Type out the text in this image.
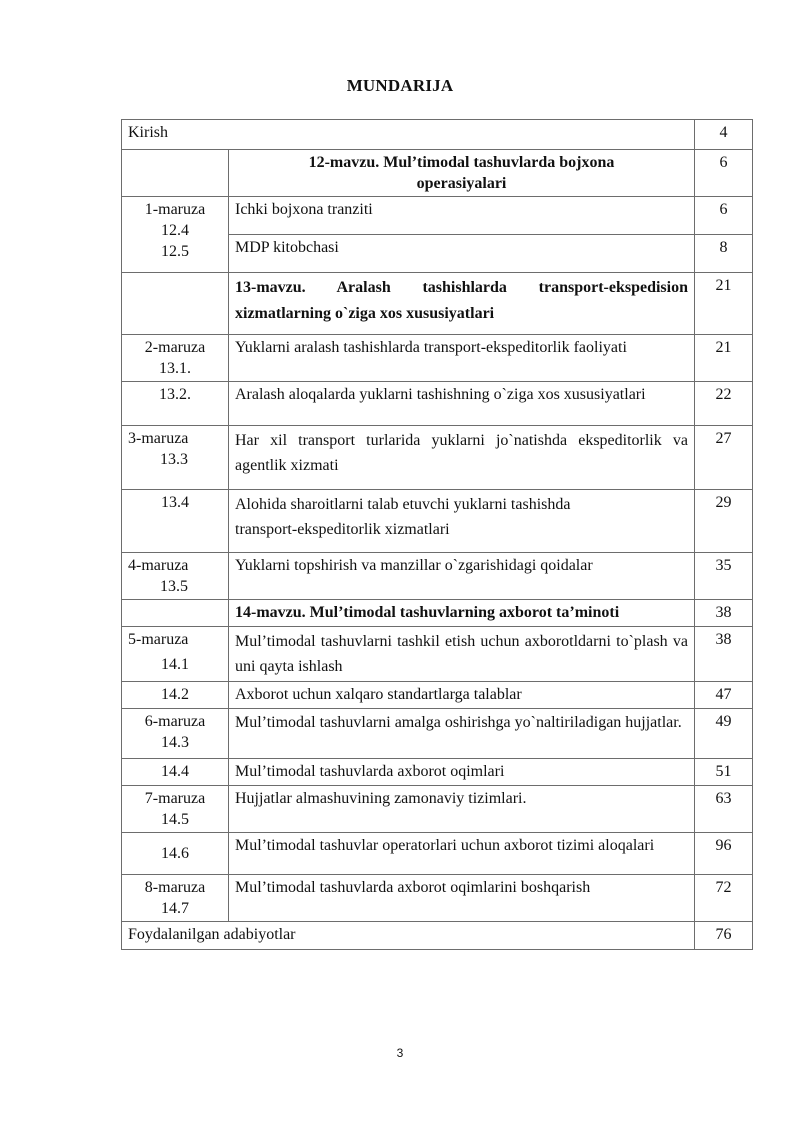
MUNDARIJA
Kirish		4

	12-mavzu. Mul’timodal tashuvlarda bojxona
operasiyalari	6

1-maruza
12.4
12.5	Ichki bojxona tranziti	6
	MDP kitobchasi	8
	13-mavzu. Aralash tashishlarda transport-ekspedision xizmatlarning o`ziga xos xususiyatlari	21

2-maruza
13.1.	Yuklarni aralash tashishlarda transport-ekspeditorlik faoliyati	21
13.2.	Aralash aloqalarda yuklarni tashishning o`ziga xos xususiyatlari	22

3-maruza
13.3	Har xil transport turlarida yuklarni jo`natishda ekspeditorlik va agentlik xizmati	27
13.4	Alohida sharoitlarni talab etuvchi yuklarni tashishda
transport-ekspeditorlik xizmatlari	29

4-maruza
13.5	Yuklarni topshirish va manzillar o`zgarishidagi qoidalar	35
	14-mavzu. Mul’timodal tashuvlarning axborot ta’minoti	38

5-maruza
14.1	Mul’timodal tashuvlarni tashkil etish uchun axborotldarni to`plash va uni qayta ishlash	38
14.2	Axborot uchun xalqaro standartlarga talablar	47

6-maruza
14.3	Mul’timodal tashuvlarni amalga oshirishga yo`naltiriladigan hujjatlar.	49
14.4	Mul’timodal tashuvlarda axborot oqimlari	51

7-maruza
14.5	Hujjatlar almashuvining zamonaviy tizimlari.	63
14.6	Mul’timodal tashuvlar operatorlari uchun axborot tizimi aloqalari	96

8-maruza
14.7	Mul’timodal tashuvlarda axborot oqimlarini boshqarish	72
Foydalanilgan adabiyotlar		76
3
